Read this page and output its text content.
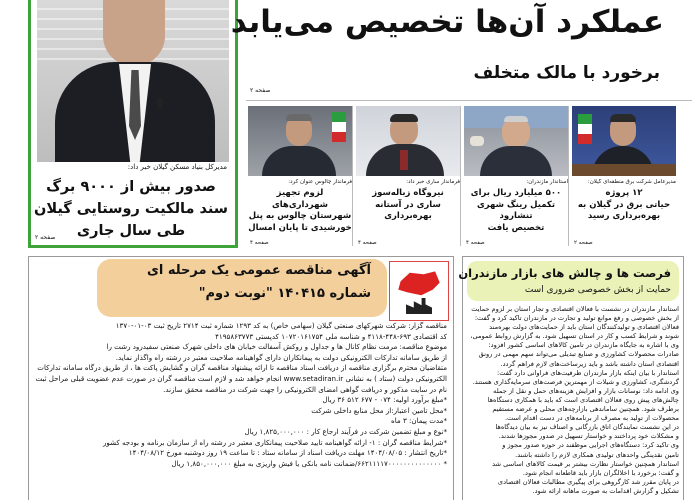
مدیرکل بنیاد مسکن گیلان خبر داد:
صدور بیش از ۹۰۰۰ برگ
سند مالکیت روستایی گیلان
طی سال جاری
صفحه ۲
عملکرد آن‌ها تخصیص می‌یابد
برخورد با مالک متخلف
صفحه ۲
مدیرعامل شرکت برق منطقه‌ای گیلان:
۱۲ پروژه
حیاتی برق در گیلان به
بهره‌برداری رسید
صفحه ۲
استاندار مازندران:
۵۰۰ میلیارد ریال برای
تکمیل رینگ شهری تنشارود
تخصیص یافت
صفحه ۴
فرماندار ساری خبر داد:
نیروگاه زباله‌سوز
ساری در آستانه
بهره‌برداری
صفحه ۴
فرماندار چالوس عنوان کرد:
لزوم تجهیز شهرداری‌های
شهرستان چالوس به پنل
خورشیدی تا پایان امسال
صفحه ۴
آگهی مناقصه عمومی یک مرحله ای
شماره ۱۴۰۴۱۵ "نوبت دوم"

مناقصه گزار: شرکت شهرکهای صنعتی گیلان (سهامی خاص) به کد ۱۲۹۳ شماره ثبت ۲۷۱۴ تاریخ ثبت ۰۳-۰۱-۱۳۷۰

کد اقتصادی ۶۹۳-۴۴۸-۴۱۱۸ و شناسه ملی ۱۰۷۲۰۱۶۱۷۵۴ کدپستی ۴۱۹۵۸۶۳۷۷۳

موضوع مناقصه: مرمت نظام کانال ها و جداول و روکش آسفالت خیابان های داخلی شهرک صنعتی سفیدرود رشت را

از طریق سامانه تدارکات الکترونیکی دولت به پیمانکاران دارای گواهینامه صلاحیت معتبر در رشته راه واگذار نماید.

متقاضیان محترم برگزاری مناقصه از دریافت اسناد مناقصه تا ارائه پیشنهاد مناقصه گران و گشایش پاکت ها ، از طریق درگاه سامانه تدارکات

الکترونیکی دولت (ستاد ) به نشانی www.setadiran.ir انجام خواهد شد و لازم است مناقصه گران در صورت عدم عضویت قبلی مراحل ثبت

نام در سایت مذکور و دریافت گواهی امضای الکترونیکی را جهت شرکت در مناقصه محقق سازند.

*مبلغ برآورد اولیه: ۰۷۴ - ۶۷۷ ۵۱۲ ۳۶ ریال

*محل تامین اعتبار:از محل منابع داخلی شرکت

*مدت پیمان: ۳ ماه

*نوع و مبلغ تضمین شرکت در فرآیند ارجاع کار : ۱,۸۲۵,۰۰۰,۰۰۰ ریال

*شرایط مناقصه گران : ۱- ارائه گواهینامه تایید صلاحیت پیمانکاری معتبر در رشته راه از سازمان برنامه و بودجه کشور

*تاریخ انتشار : ۱۴۰۴/۰۸/۰۵ مهلت دریافت اسناد از سامانه ستاد : تا ساعت ۱۹ روز دوشنبه مورخ ۱۴۰۴/۰۸/۱۲

* ۶۶۲۱۱۱۱۷۰۰۰۰۰۰۰۰۰۰۰۰۰۰/ضمانت نامه بانکی یا فیش واریزی به مبلغ ۱,۸۵۰,۰۰۰,۰۰۰ ریال

فرصت ها و چالش های بازار مازندران
حمایت از بخش خصوصی ضروری است

استاندار مازندران در نشست با فعالان اقتصادی و تجار استان بر لزوم حمایت

از بخش خصوصی و رفع موانع تولید و تجارت در مازندران تاکید کرد و گفت:

فعالان اقتصادی و تولیدکنندگان استان باید از حمایت‌های دولت بهره‌مند

شوند و شرایط کسب و کار در استان تسهیل شود. به گزارش روابط عمومی،

وی با اشاره به جایگاه مازندران در تامین کالاهای اساسی کشور افزود:

صادرات محصولات کشاورزی و صنایع تبدیلی می‌تواند سهم مهمی در رونق

اقتصادی استان داشته باشد و باید زیرساخت‌های لازم فراهم گردد.

استاندار با بیان اینکه بازار مازندران ظرفیت‌های فراوانی دارد گفت:

گردشگری، کشاورزی و شیلات از مهمترین فرصت‌های سرمایه‌گذاری هستند.

وی ادامه داد: نوسانات بازار و افزایش هزینه‌های حمل و نقل از جمله

چالش‌های پیش روی فعالان اقتصادی است که باید با همکاری دستگاه‌ها

برطرف شود. همچنین ساماندهی بازارچه‌های محلی و عرضه مستقیم

محصولات از تولید به مصرف از برنامه‌های در دست اقدام است.

در این نشست نمایندگان اتاق بازرگانی و اصناف نیز به بیان دیدگاه‌ها

و مشکلات خود پرداختند و خواستار تسهیل در صدور مجوزها شدند.

وی تاکید کرد: دستگاه‌های اجرایی موظفند در حوزه صدور مجوز و

تامین نقدینگی واحدهای تولیدی همکاری لازم را داشته باشند.

استاندار همچنین خواستار نظارت بیشتر بر قیمت کالاهای اساسی شد

و گفت: برخورد با اخلالگران بازار باید قاطعانه انجام شود.

در پایان مقرر شد کارگروهی برای پیگیری مطالبات فعالان اقتصادی

تشکیل و گزارش اقدامات به صورت ماهانه ارائه شود.
